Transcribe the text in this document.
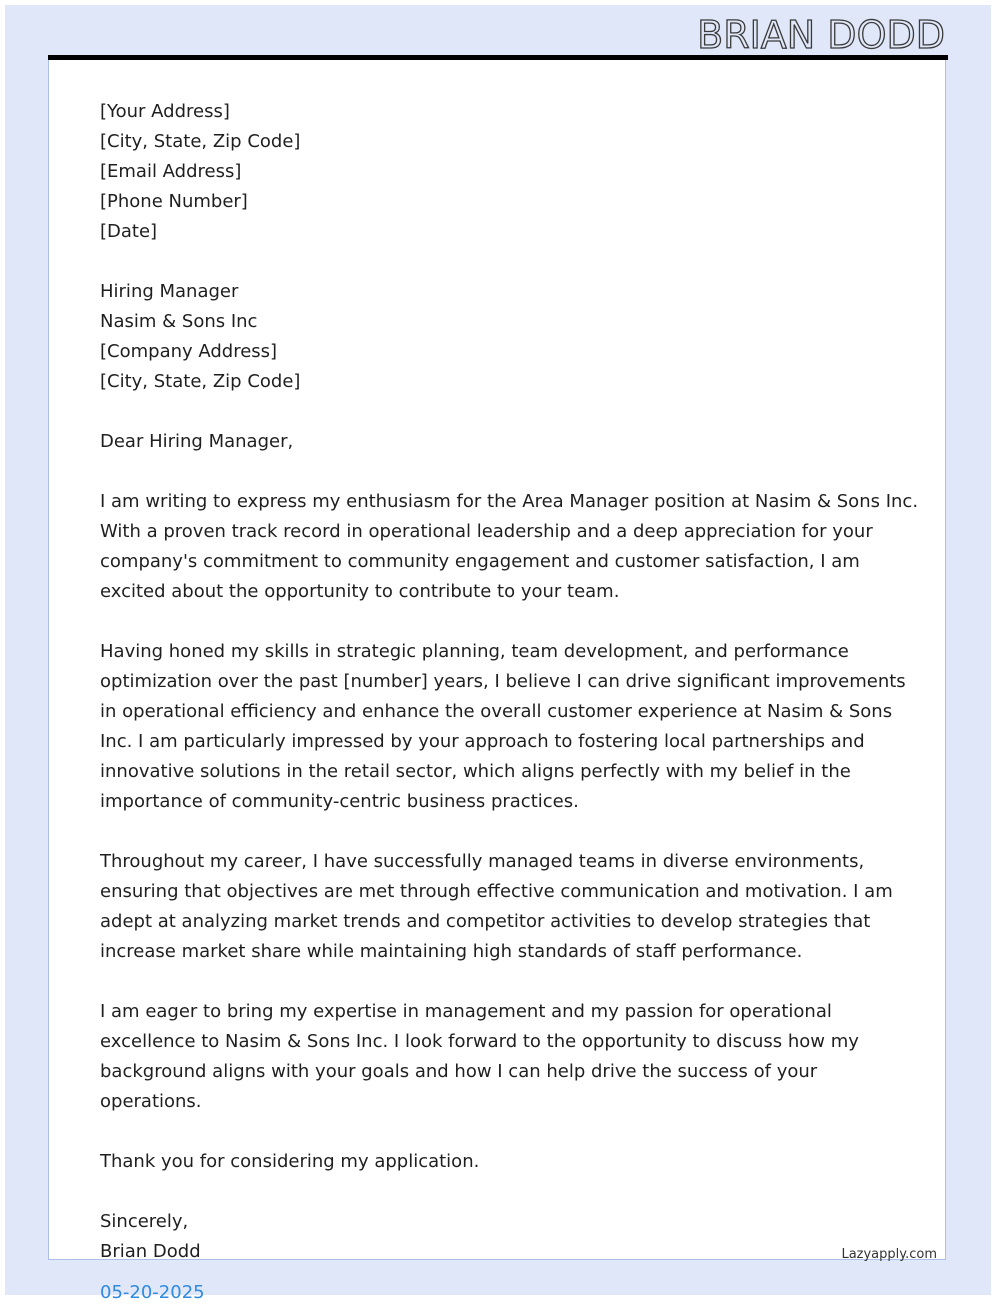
BRIAN DODD
[Your Address]
[City, State, Zip Code]
[Email Address]
[Phone Number]
[Date]
Hiring Manager
Nasim & Sons Inc
[Company Address]
[City, State, Zip Code]

Dear Hiring Manager,

I am writing to express my enthusiasm for the Area Manager position at Nasim & Sons Inc.
With a proven track record in operational leadership and a deep appreciation for your
company's commitment to community engagement and customer satisfaction, I am
excited about the opportunity to contribute to your team.

Having honed my skills in strategic planning, team development, and performance
optimization over the past [number] years, I believe I can drive significant improvements
in operational efficiency and enhance the overall customer experience at Nasim & Sons
Inc. I am particularly impressed by your approach to fostering local partnerships and
innovative solutions in the retail sector, which aligns perfectly with my belief in the
importance of community-centric business practices.

Throughout my career, I have successfully managed teams in diverse environments,
ensuring that objectives are met through effective communication and motivation. I am
adept at analyzing market trends and competitor activities to develop strategies that
increase market share while maintaining high standards of staff performance.

I am eager to bring my expertise in management and my passion for operational
excellence to Nasim & Sons Inc. I look forward to the opportunity to discuss how my
background aligns with your goals and how I can help drive the success of your
operations.

Thank you for considering my application.

Sincerely,
Brian Dodd
05-20-2025
Lazyapply.com
